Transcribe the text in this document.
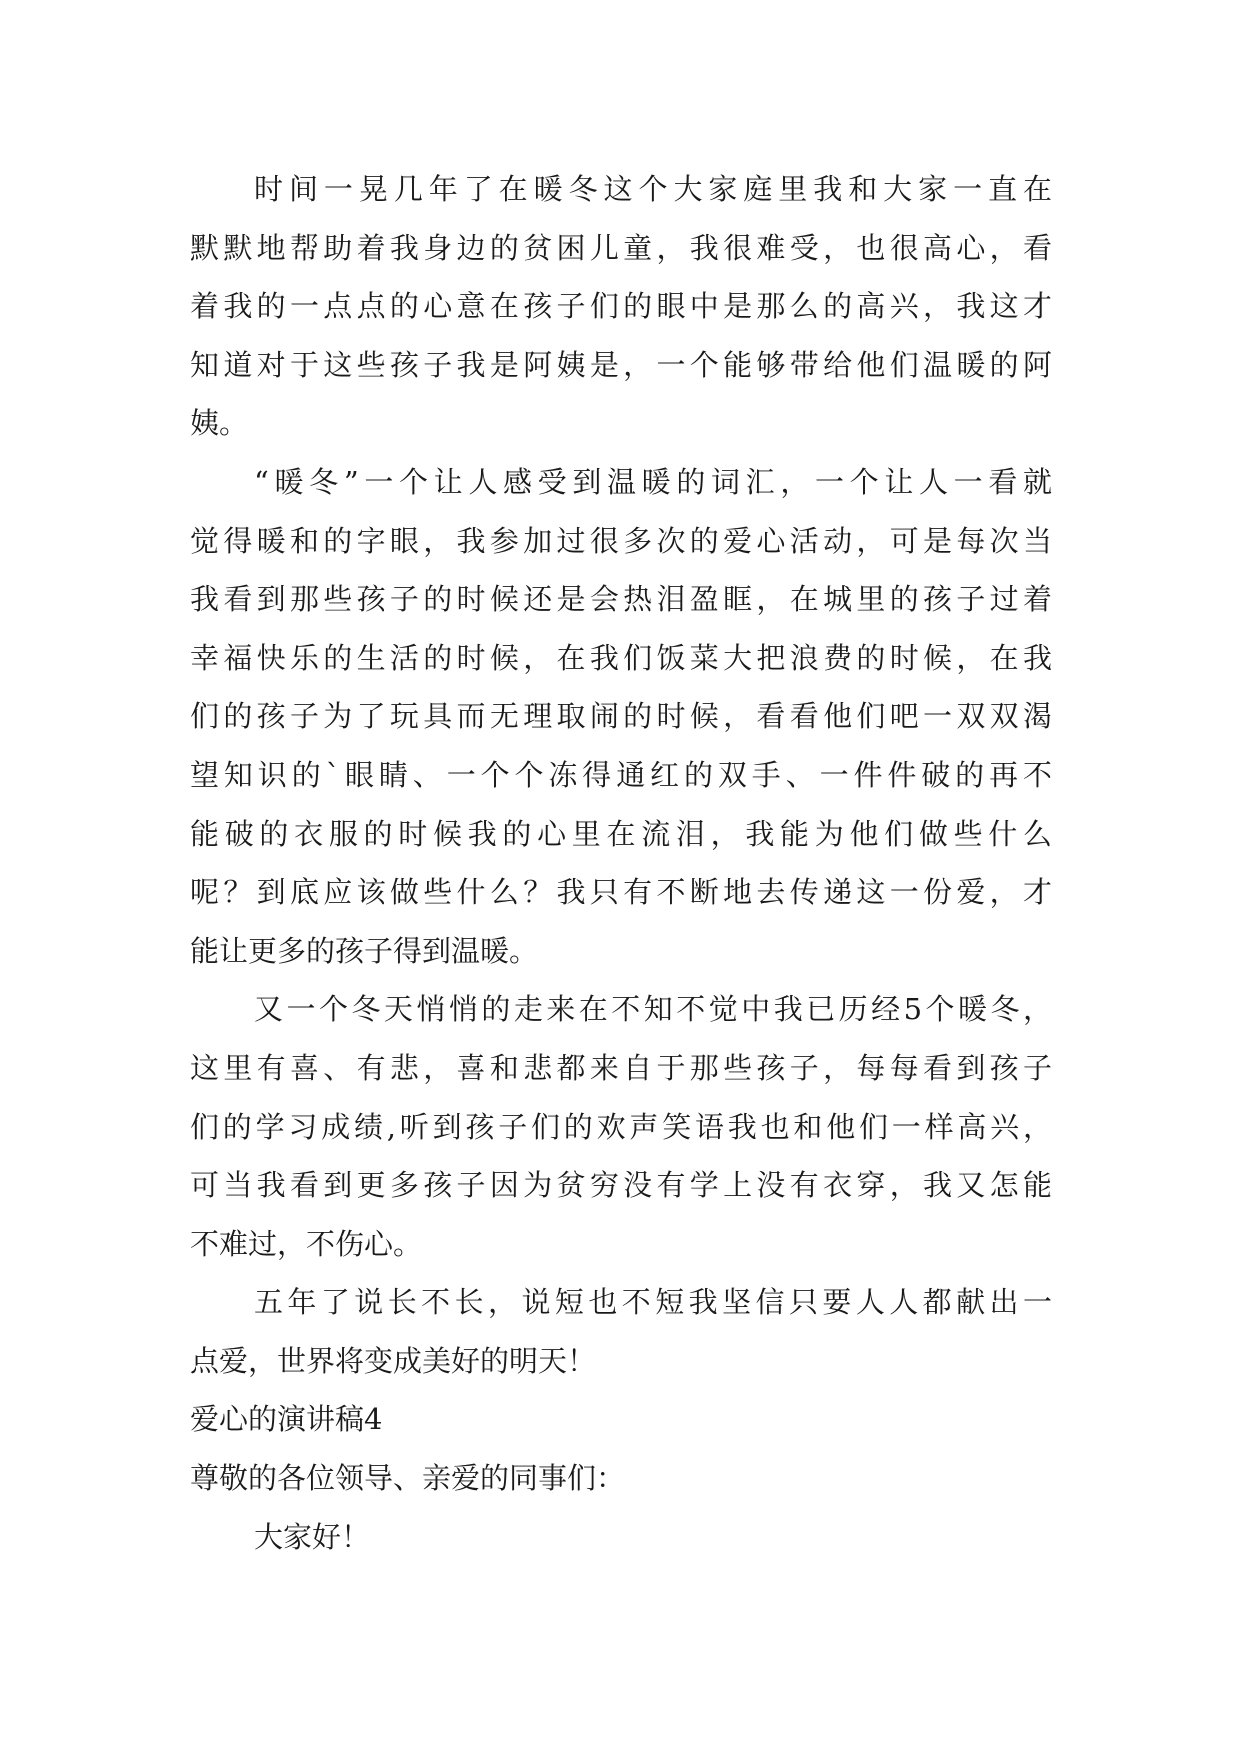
时间一晃几年了在暖冬这个大家庭里我和大家一直在
默默地帮助着我身边的贫困儿童，我很难受，也很高心，看
着我的一点点的心意在孩子们的眼中是那么的高兴，我这才
知道对于这些孩子我是阿姨是，一个能够带给他们温暖的阿
姨。
“暖冬”一个让人感受到温暖的词汇，一个让人一看就
觉得暖和的字眼，我参加过很多次的爱心活动，可是每次当
我看到那些孩子的时候还是会热泪盈眶，在城里的孩子过着
幸福快乐的生活的时候，在我们饭菜大把浪费的时候，在我
们的孩子为了玩具而无理取闹的时候，看看他们吧一双双渴
望知识的`眼睛、一个个冻得通红的双手、一件件破的再不
能破的衣服的时候我的心里在流泪，我能为他们做些什么
呢？到底应该做些什么？我只有不断地去传递这一份爱，才
能让更多的孩子得到温暖。
又一个冬天悄悄的走来在不知不觉中我已历经5个暖冬，
这里有喜、有悲，喜和悲都来自于那些孩子，每每看到孩子
们的学习成绩,听到孩子们的欢声笑语我也和他们一样高兴，
可当我看到更多孩子因为贫穷没有学上没有衣穿，我又怎能
不难过，不伤心。
五年了说长不长，说短也不短我坚信只要人人都献出一
点爱，世界将变成美好的明天！
爱心的演讲稿4
尊敬的各位领导、亲爱的同事们：
大家好！
